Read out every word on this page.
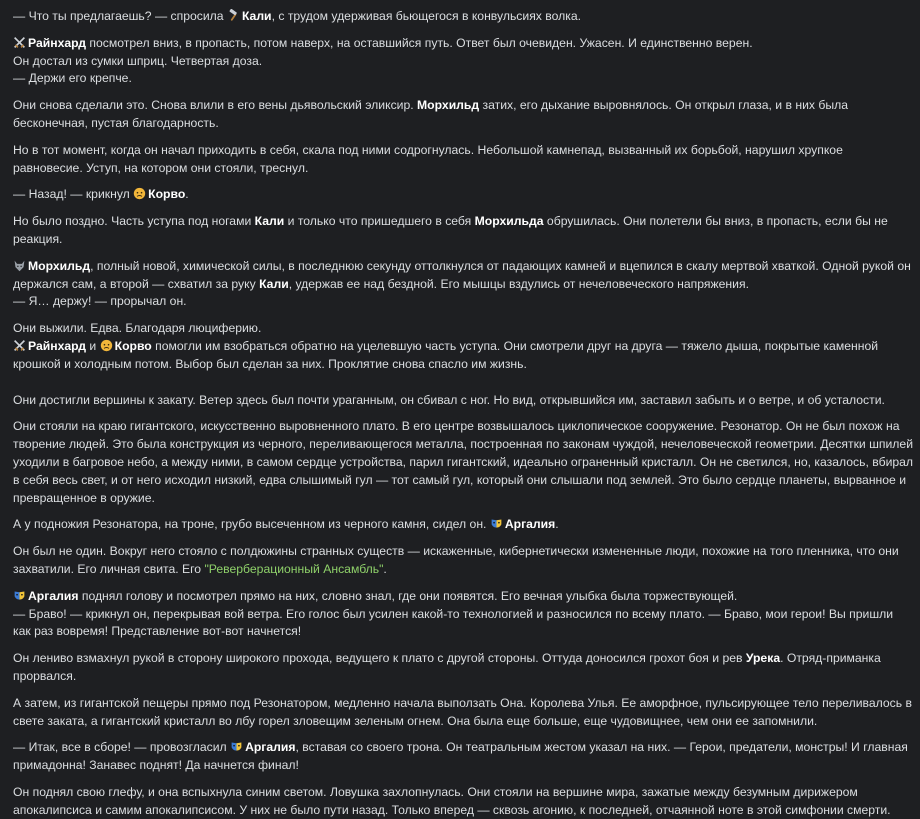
— Что ты предлагаешь? — спросила Кали, с трудом удерживая бьющегося в конвульсиях волка.

Райнхард посмотрел вниз, в пропасть, потом наверх, на оставшийся путь. Ответ был очевиден. Ужасен. И единственно верен.
Он достал из сумки шприц. Четвертая доза.
— Держи его крепче.

Они снова сделали это. Снова влили в его вены дьявольский эликсир. Морхильд затих, его дыхание выровнялось. Он открыл глаза, и в них была бесконечная, пустая благодарность.

Но в тот момент, когда он начал приходить в себя, скала под ними содрогнулась. Небольшой камнепад, вызванный их борьбой, нарушил хрупкое равновесие. Уступ, на котором они стояли, треснул.

— Назад! — крикнул Корво.

Но было поздно. Часть уступа под ногами Кали и только что пришедшего в себя Морхильда обрушилась. Они полетели бы вниз, в пропасть, если бы не реакция.

Морхильд, полный новой, химической силы, в последнюю секунду оттолкнулся от падающих камней и вцепился в скалу мертвой хваткой. Одной рукой он держался сам, а второй — схватил за руку Кали, удержав ее над бездной. Его мышцы вздулись от нечеловеческого напряжения.
— Я… держу! — прорычал он.

Они выжили. Едва. Благодаря люциферию.
Райнхард и Корво помогли им взобраться обратно на уцелевшую часть уступа. Они смотрели друг на друга — тяжело дыша, покрытые каменной крошкой и холодным потом. Выбор был сделан за них. Проклятие снова спасло им жизнь.

Они достигли вершины к закату. Ветер здесь был почти ураганным, он сбивал с ног. Но вид, открывшийся им, заставил забыть и о ветре, и об усталости.

Они стояли на краю гигантского, искусственно выровненного плато. В его центре возвышалось циклопическое сооружение. Резонатор. Он не был похож на творение людей. Это была конструкция из черного, переливающегося металла, построенная по законам чуждой, нечеловеческой геометрии. Десятки шпилей уходили в багровое небо, а между ними, в самом сердце устройства, парил гигантский, идеально ограненный кристалл. Он не светился, но, казалось, вбирал в себя весь свет, и от него исходил низкий, едва слышимый гул — тот самый гул, который они слышали под землей. Это было сердце планеты, вырванное и превращенное в оружие.

А у подножия Резонатора, на троне, грубо высеченном из черного камня, сидел он. Аргалия.

Он был не один. Вокруг него стояло с полдюжины странных существ — искаженные, кибернетически измененные люди, похожие на того пленника, что они захватили. Его личная свита. Его "Реверберационный Ансамбль".

Аргалия поднял голову и посмотрел прямо на них, словно знал, где они появятся. Его вечная улыбка была торжествующей.
— Браво! — крикнул он, перекрывая вой ветра. Его голос был усилен какой-то технологией и разносился по всему плато. — Браво, мои герои! Вы пришли как раз вовремя! Представление вот-вот начнется!

Он лениво взмахнул рукой в сторону широкого прохода, ведущего к плато с другой стороны. Оттуда доносился грохот боя и рев Урека. Отряд-приманка прорвался.

А затем, из гигантской пещеры прямо под Резонатором, медленно начала выползать Она. Королева Улья. Ее аморфное, пульсирующее тело переливалось в свете заката, а гигантский кристалл во лбу горел зловещим зеленым огнем. Она была еще больше, еще чудовищнее, чем они ее запомнили.

— Итак, все в сборе! — провозгласил Аргалия, вставая со своего трона. Он театральным жестом указал на них. — Герои, предатели, монстры! И главная примадонна! Занавес поднят! Да начнется финал!

Он поднял свою глефу, и она вспыхнула синим светом. Ловушка захлопнулась. Они стояли на вершине мира, зажатые между безумным дирижером апокалипсиса и самим апокалипсисом. У них не было пути назад. Только вперед — сквозь агонию, к последней, отчаянной ноте в этой симфонии смерти.
